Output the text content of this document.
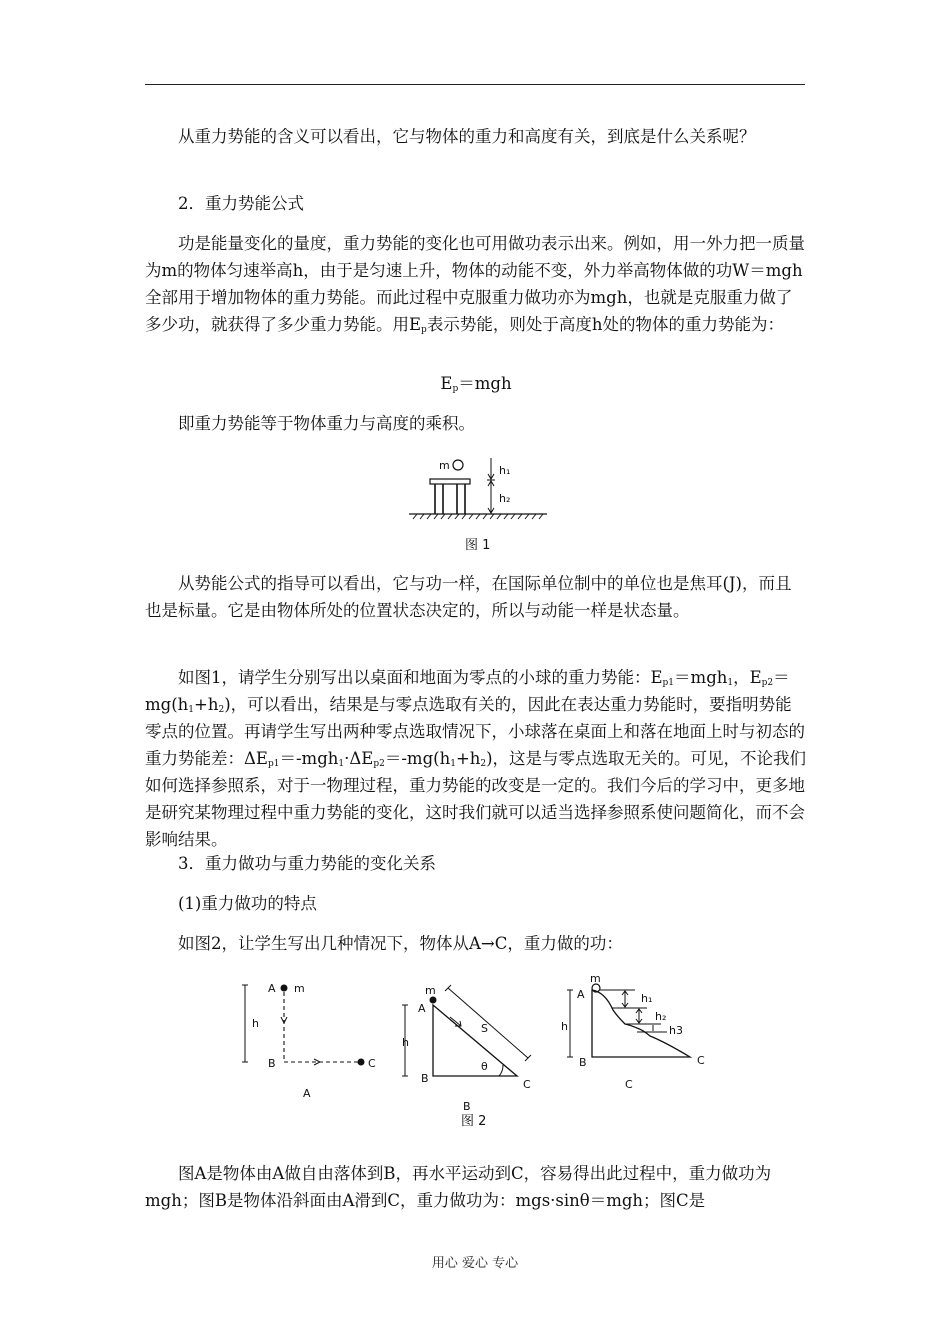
从重力势能的含义可以看出，它与物体的重力和高度有关，到底是什么关系呢？

2．重力势能公式

功是能量变化的量度，重力势能的变化也可用做功表示出来。例如，用一外力把一质量为m的物体匀速举高h，由于是匀速上升，物体的动能不变，外力举高物体做的功W＝mgh全部用于增加物体的重力势能。而此过程中克服重力做功亦为mgh，也就是克服重力做了多少功，就获得了多少重力势能。用$E_p$表示势能，则处于高度h处的物体的重力势能为：

$E_p=mgh$

即重力势能等于物体重力与高度的乘积。

m	h₁
h₂
图 1

从势能公式的指导可以看出，它与功一样，在国际单位制中的单位也是焦耳(J)，而且也是标量。它是由物体所处的位置状态决定的，所以与动能一样是状态量。

如图1，请学生分别写出以桌面和地面为零点的小球的重力势能：$E_{p1}=mgh_1$，$E_{p2}=mg(h_1+h_2)$，可以看出，结果是与零点选取有关的，因此在表达重力势能时，要指明势能零点的位置。再请学生写出两种零点选取情况下，小球落在桌面上和落在地面上时与初态的重力势能差：$\Delta E_{p1}=-mgh_1\cdot\Delta E_{p2}=-mg(h_1+h_2)$，这是与零点选取无关的。可见，不论我们如何选择参照系，对于一物理过程，重力势能的改变是一定的。我们今后的学习中，更多地是研究某物理过程中重力势能的变化，这时我们就可以适当选择参照系使问题简化，而不会影响结果。

3．重力做功与重力势能的变化关系

(1)重力做功的特点

如图2，让学生写出几种情况下，物体从A→C，重力做的功：

A m
C
B
h
A
m
A
S
θ
h
B	C
B
m
A	h₁
h₂
h3
h
B	C
C
图 2

图A是物体由A做自由落体到B，再水平运动到C，容易得出此过程中，重力做功为mgh；图B是物体沿斜面由A滑到C，重力做功为：mgs·sinθ＝mgh；图C是

用心 爱心 专心
